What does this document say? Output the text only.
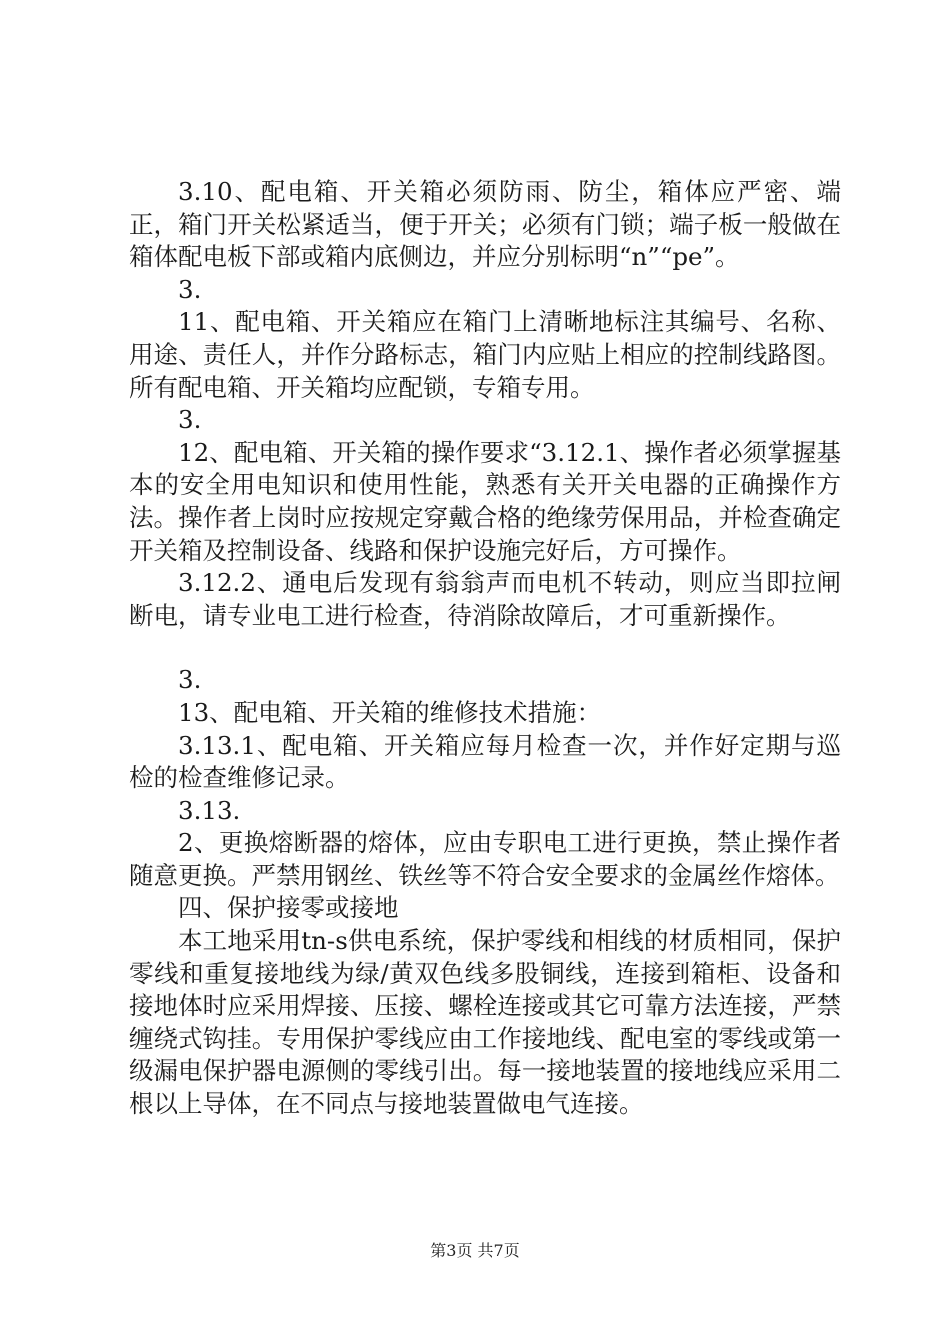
3.10、配电箱、开关箱必须防雨、防尘，箱体应严密、端正，箱门开关松紧适当，便于开关；必须有门锁；端子板一般做在箱体配电板下部或箱内底侧边，并应分别标明“n”“pe”。

3.

11、配电箱、开关箱应在箱门上清晰地标注其编号、名称、用途、责任人，并作分路标志，箱门内应贴上相应的控制线路图。所有配电箱、开关箱均应配锁，专箱专用。

3.

12、配电箱、开关箱的操作要求“3.12.1、操作者必须掌握基本的安全用电知识和使用性能，熟悉有关开关电器的正确操作方法。操作者上岗时应按规定穿戴合格的绝缘劳保用品，并检查确定开关箱及控制设备、线路和保护设施完好后，方可操作。

3.12.2、通电后发现有翁翁声而电机不转动，则应当即拉闸断电，请专业电工进行检查，待消除故障后，才可重新操作。

3.

13、配电箱、开关箱的维修技术措施：

3.13.1、配电箱、开关箱应每月检查一次，并作好定期与巡检的检查维修记录。

3.13.

2、更换熔断器的熔体，应由专职电工进行更换，禁止操作者随意更换。严禁用钢丝、铁丝等不符合安全要求的金属丝作熔体。

四、保护接零或接地

本工地采用tn-s供电系统，保护零线和相线的材质相同，保护零线和重复接地线为绿/黄双色线多股铜线，连接到箱柜、设备和接地体时应采用焊接、压接、螺栓连接或其它可靠方法连接，严禁缠绕式钩挂。专用保护零线应由工作接地线、配电室的零线或第一级漏电保护器电源侧的零线引出。每一接地装置的接地线应采用二根以上导体，在不同点与接地装置做电气连接。

第3页 共7页
